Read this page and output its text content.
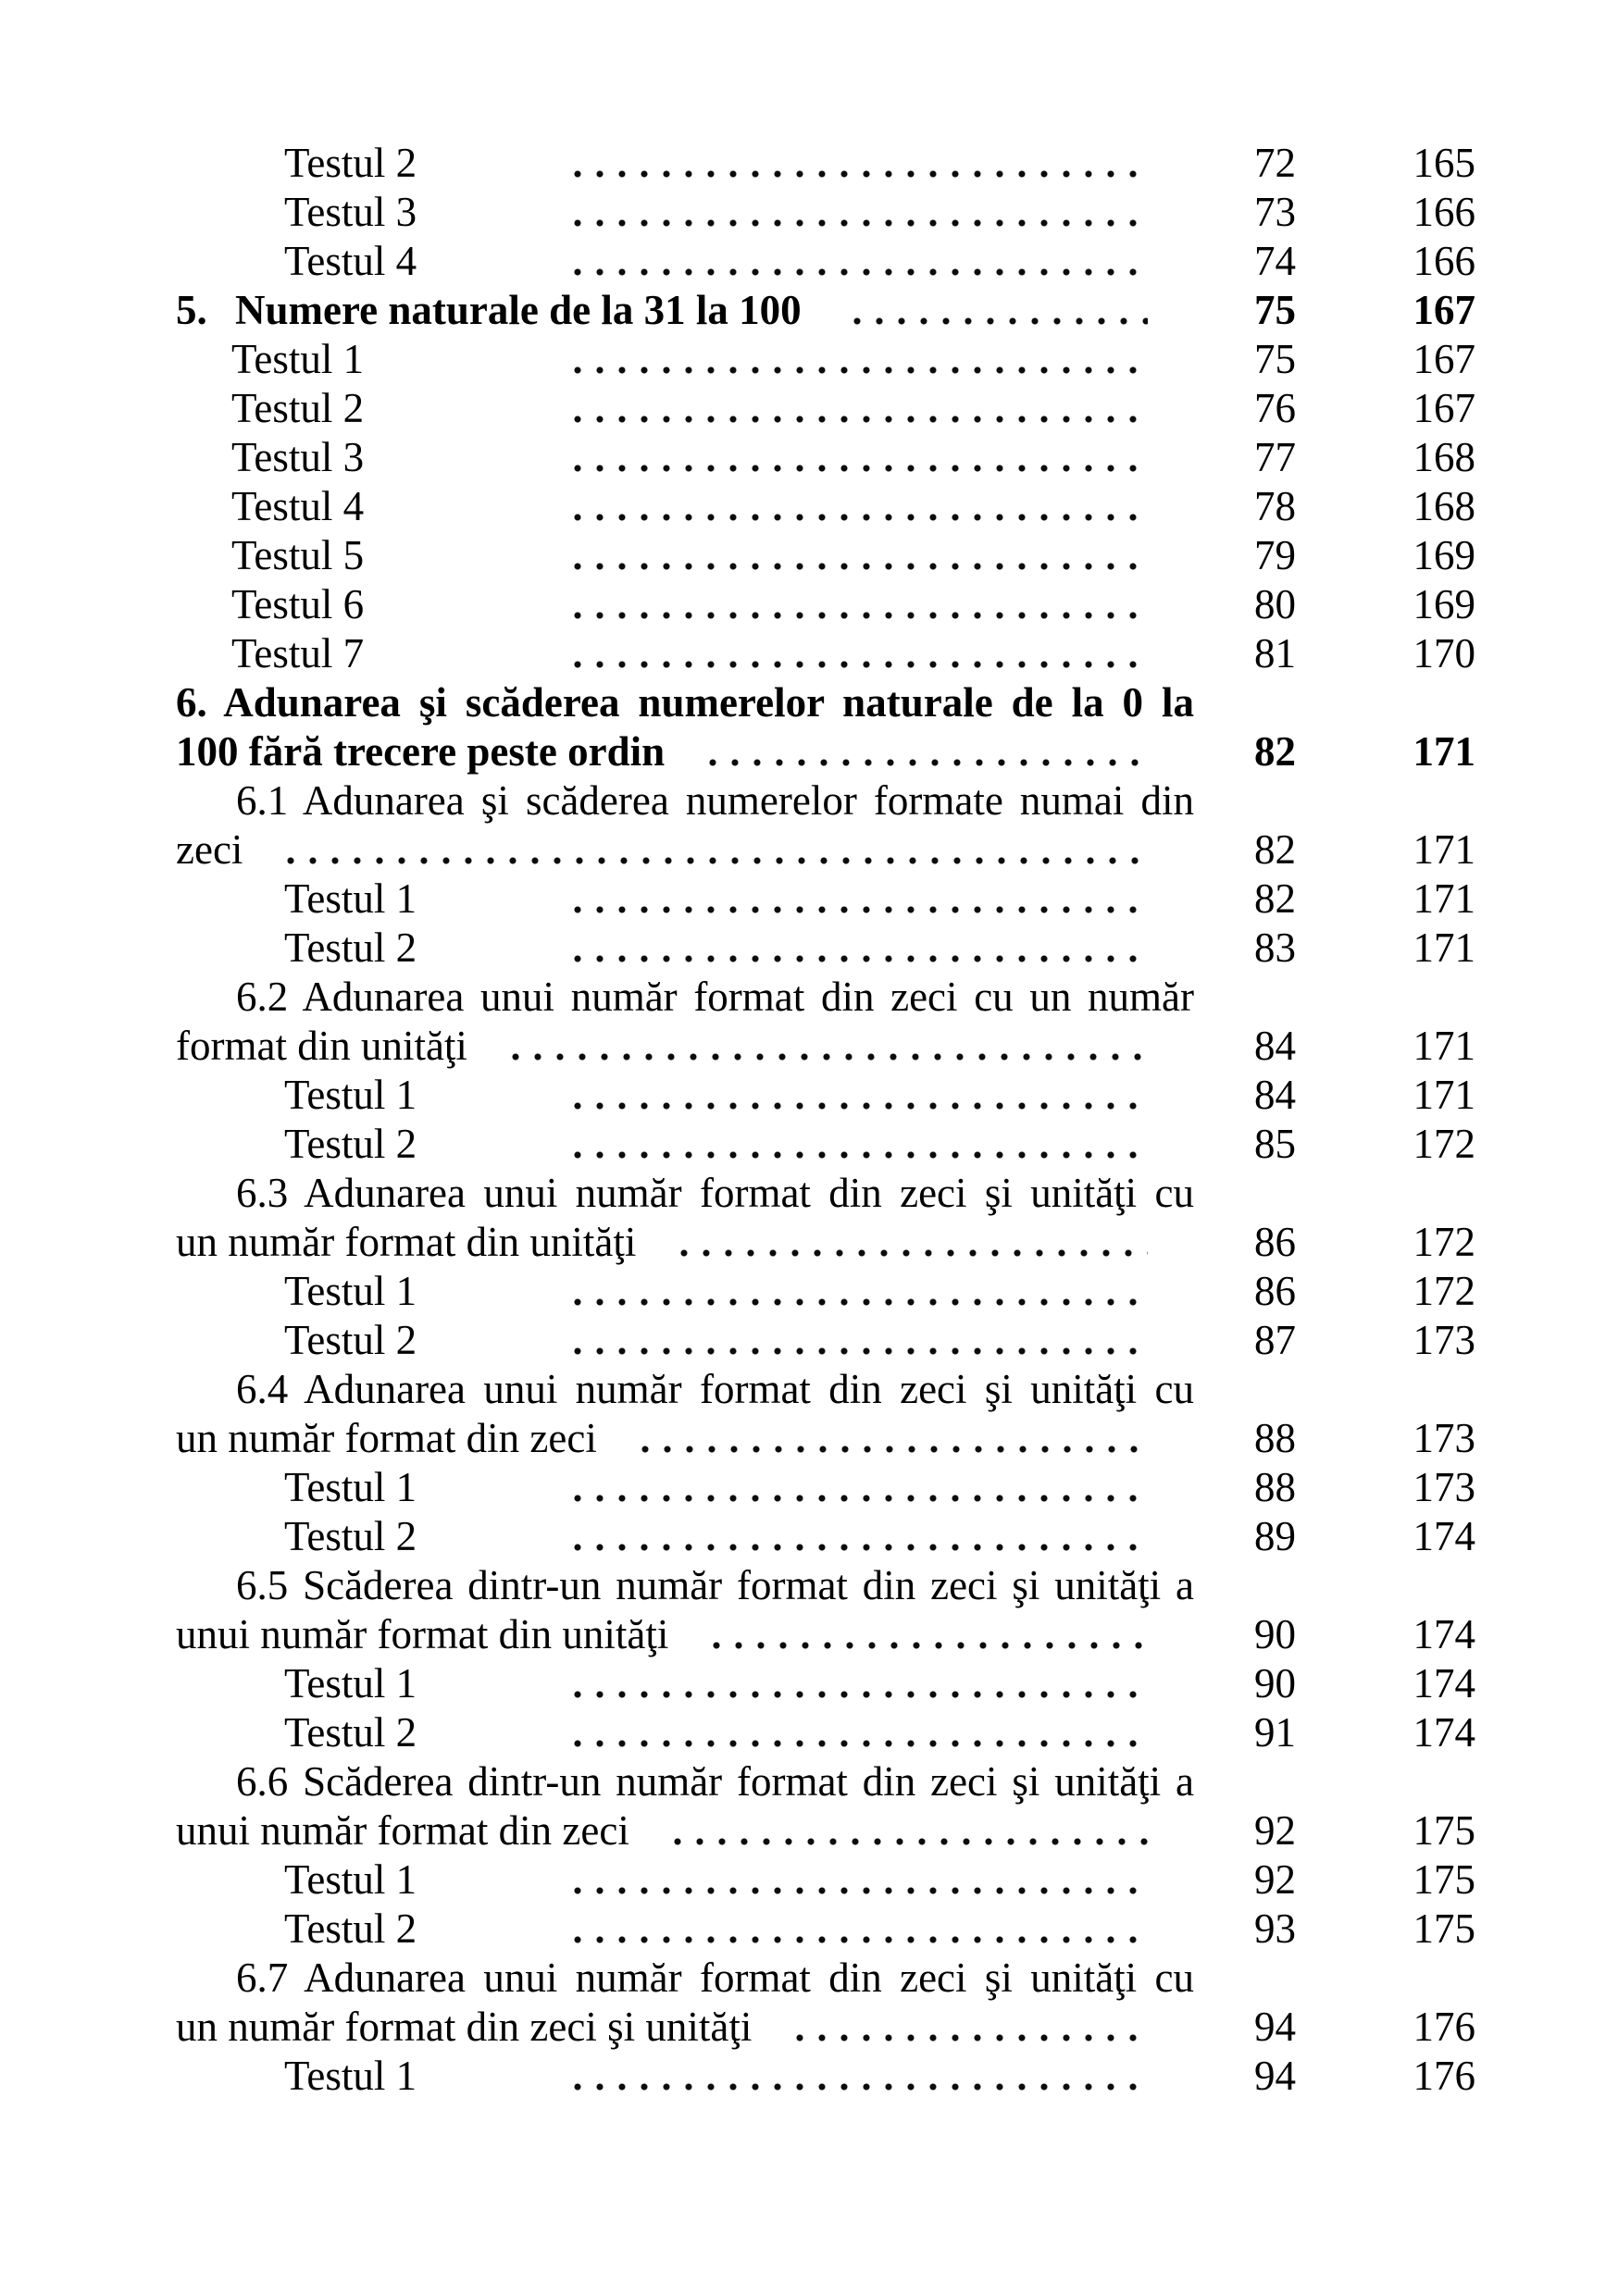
Testul 2	72	165
Testul 3	73	166
Testul 4	74	166
5. Numere naturale de la 31 la 100	75	167
Testul 1	75	167
Testul 2	76	167
Testul 3	77	168
Testul 4	78	168
Testul 5	79	169
Testul 6	80	169
Testul 7	81	170
6. Adunarea şi scăderea numerelor naturale de la 0 la
100 fără trecere peste ordin	82	171
6.1 Adunarea şi scăderea numerelor formate numai din
zeci	82	171
Testul 1	82	171
Testul 2	83	171
6.2 Adunarea unui număr format din zeci cu un număr
format din unităţi	84	171
Testul 1	84	171
Testul 2	85	172
6.3 Adunarea unui număr format din zeci şi unităţi cu
un număr format din unităţi	86	172
Testul 1	86	172
Testul 2	87	173
6.4 Adunarea unui număr format din zeci şi unităţi cu
un număr format din zeci	88	173
Testul 1	88	173
Testul 2	89	174
6.5 Scăderea dintr-un număr format din zeci şi unităţi a
unui număr format din unităţi	90	174
Testul 1	90	174
Testul 2	91	174
6.6 Scăderea dintr-un număr format din zeci şi unităţi a
unui număr format din zeci	92	175
Testul 1	92	175
Testul 2	93	175
6.7 Adunarea unui număr format din zeci şi unităţi cu
un număr format din zeci şi unităţi	94	176
Testul 1	94	176
